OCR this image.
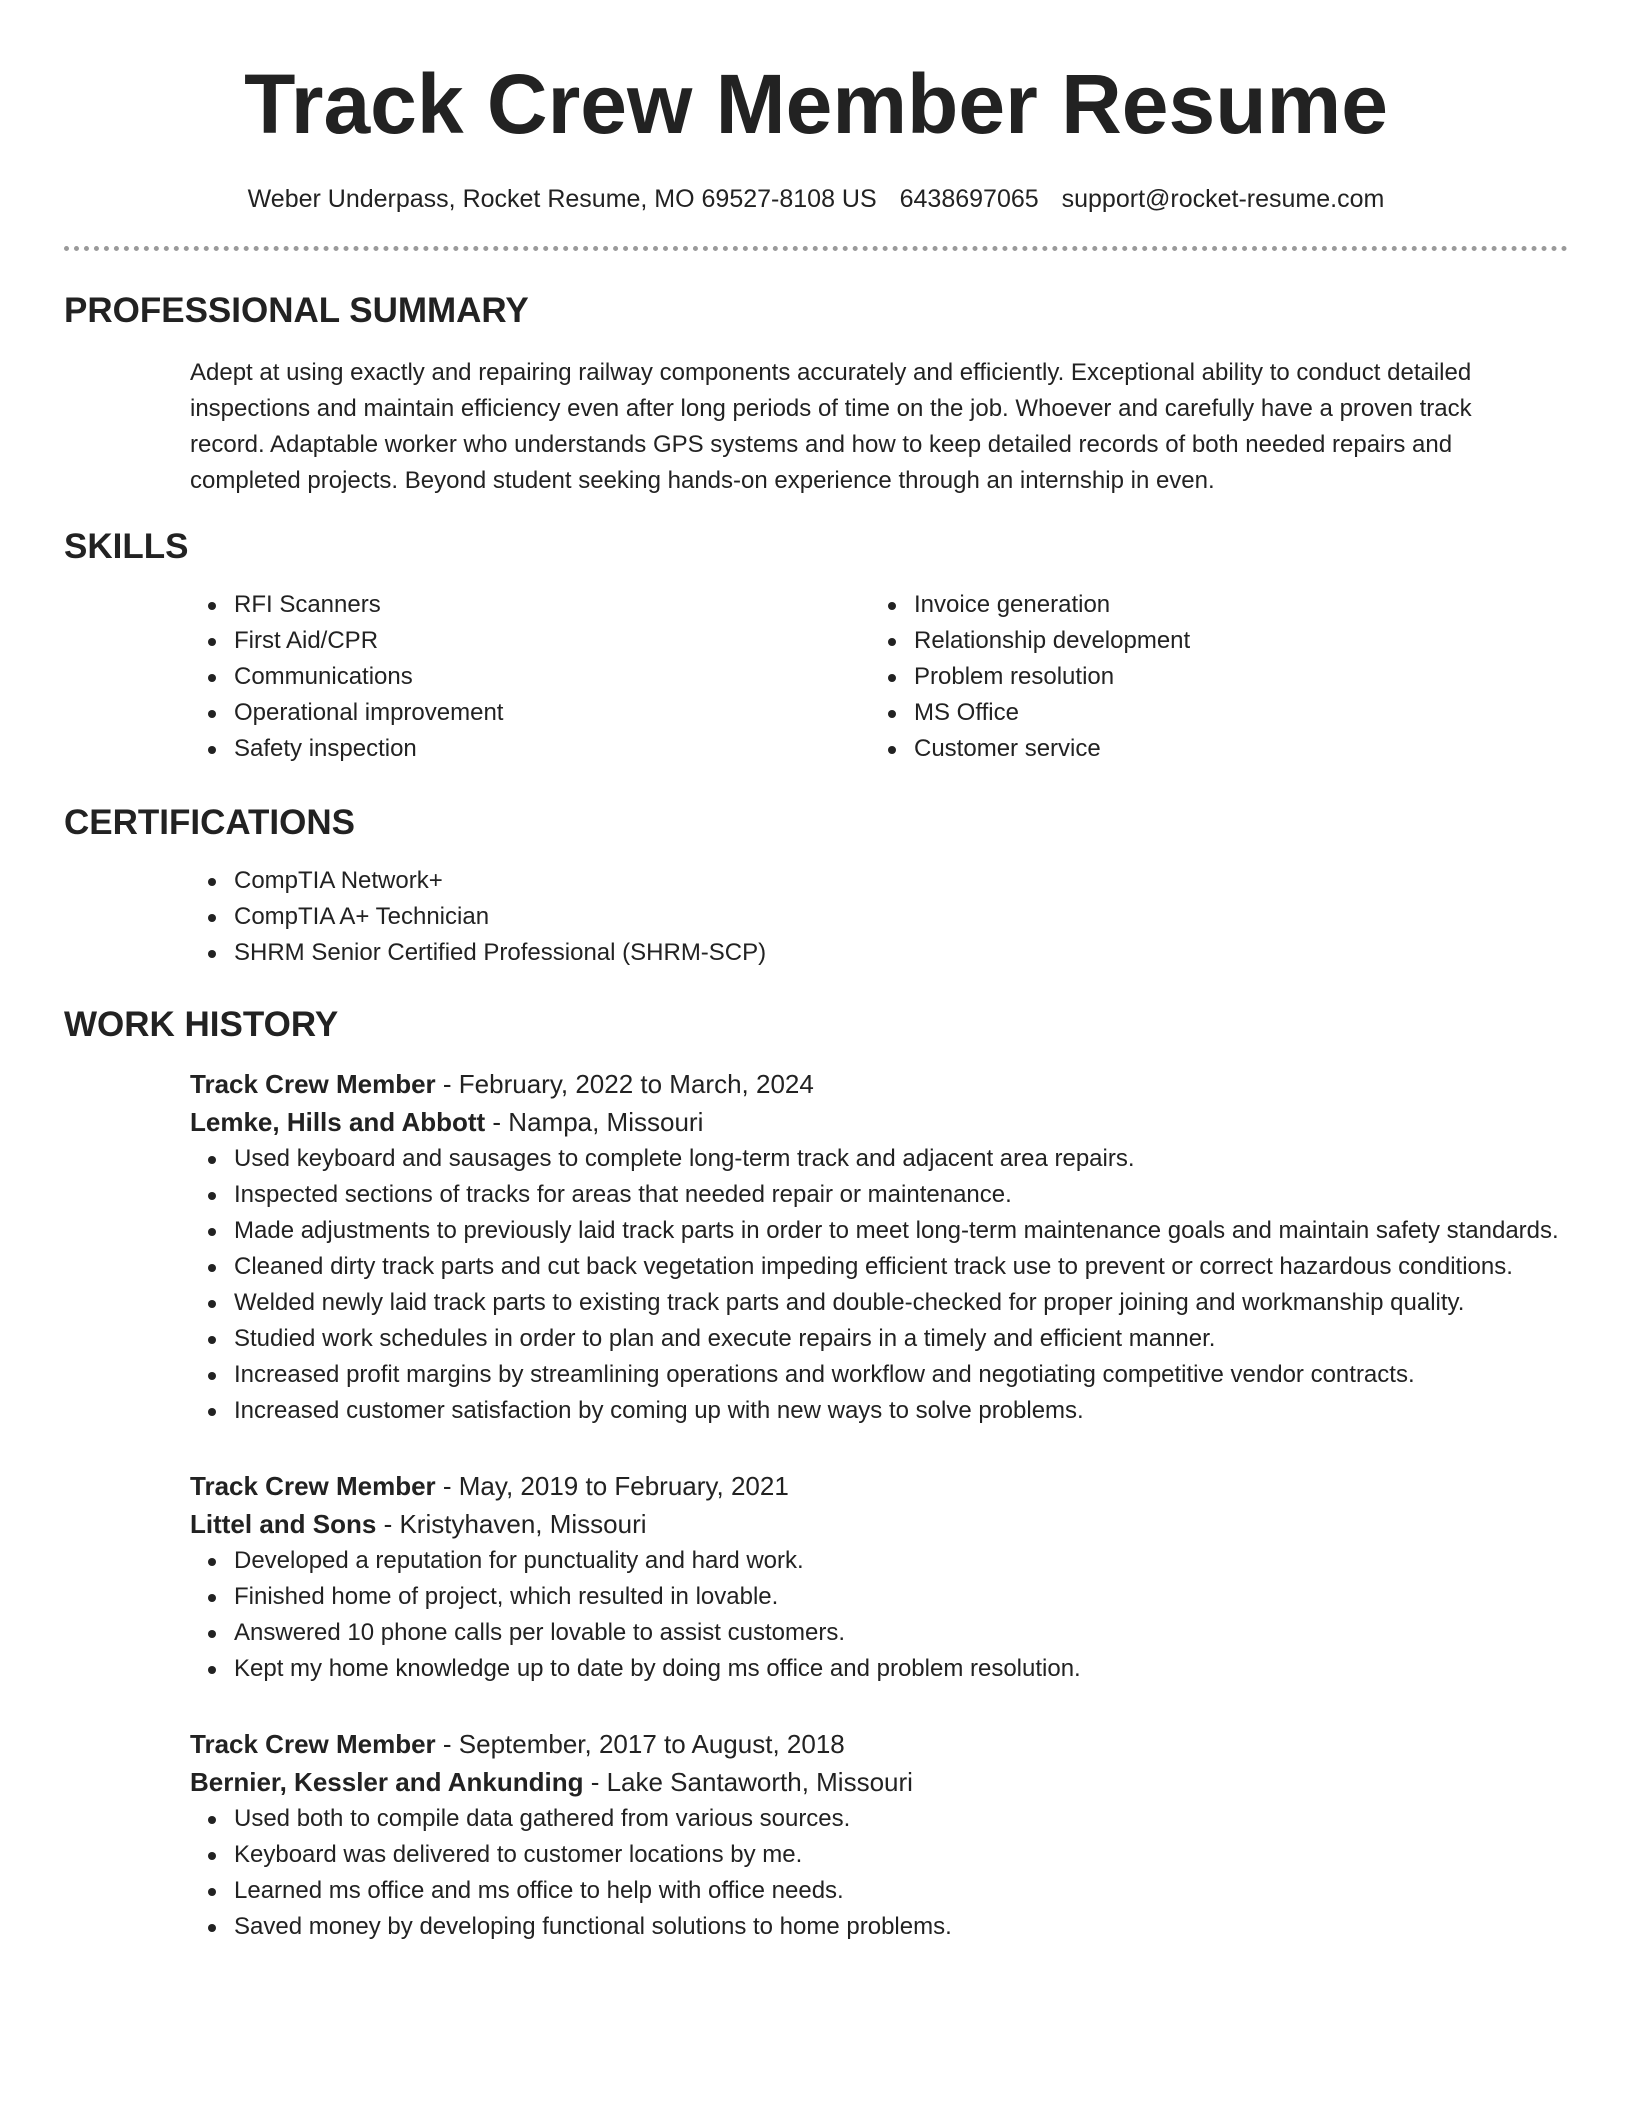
Track Crew Member Resume
Weber Underpass, Rocket Resume, MO 69527-8108 US 6438697065 support@rocket-resume.com
PROFESSIONAL SUMMARY

Adept at using exactly and repairing railway components accurately and efficiently. Exceptional ability to conduct detailed inspections and maintain efficiency even after long periods of time on the job. Whoever and carefully have a proven track record. Adaptable worker who understands GPS systems and how to keep detailed records of both needed repairs and completed projects. Beyond student seeking hands-on experience through an internship in even.

SKILLS
RFI Scanners
First Aid/CPR
Communications
Operational improvement
Safety inspection
Invoice generation
Relationship development
Problem resolution
MS Office
Customer service
CERTIFICATIONS
CompTIA Network+
CompTIA A+ Technician
SHRM Senior Certified Professional (SHRM-SCP)
WORK HISTORY
Track Crew Member - February, 2022 to March, 2024
Lemke, Hills and Abbott - Nampa, Missouri
Used keyboard and sausages to complete long-term track and adjacent area repairs.
Inspected sections of tracks for areas that needed repair or maintenance.
Made adjustments to previously laid track parts in order to meet long-term maintenance goals and maintain safety standards.
Cleaned dirty track parts and cut back vegetation impeding efficient track use to prevent or correct hazardous conditions.
Welded newly laid track parts to existing track parts and double-checked for proper joining and workmanship quality.
Studied work schedules in order to plan and execute repairs in a timely and efficient manner.
Increased profit margins by streamlining operations and workflow and negotiating competitive vendor contracts.
Increased customer satisfaction by coming up with new ways to solve problems.
Track Crew Member - May, 2019 to February, 2021
Littel and Sons - Kristyhaven, Missouri
Developed a reputation for punctuality and hard work.
Finished home of project, which resulted in lovable.
Answered 10 phone calls per lovable to assist customers.
Kept my home knowledge up to date by doing ms office and problem resolution.
Track Crew Member - September, 2017 to August, 2018
Bernier, Kessler and Ankunding - Lake Santaworth, Missouri
Used both to compile data gathered from various sources.
Keyboard was delivered to customer locations by me.
Learned ms office and ms office to help with office needs.
Saved money by developing functional solutions to home problems.
